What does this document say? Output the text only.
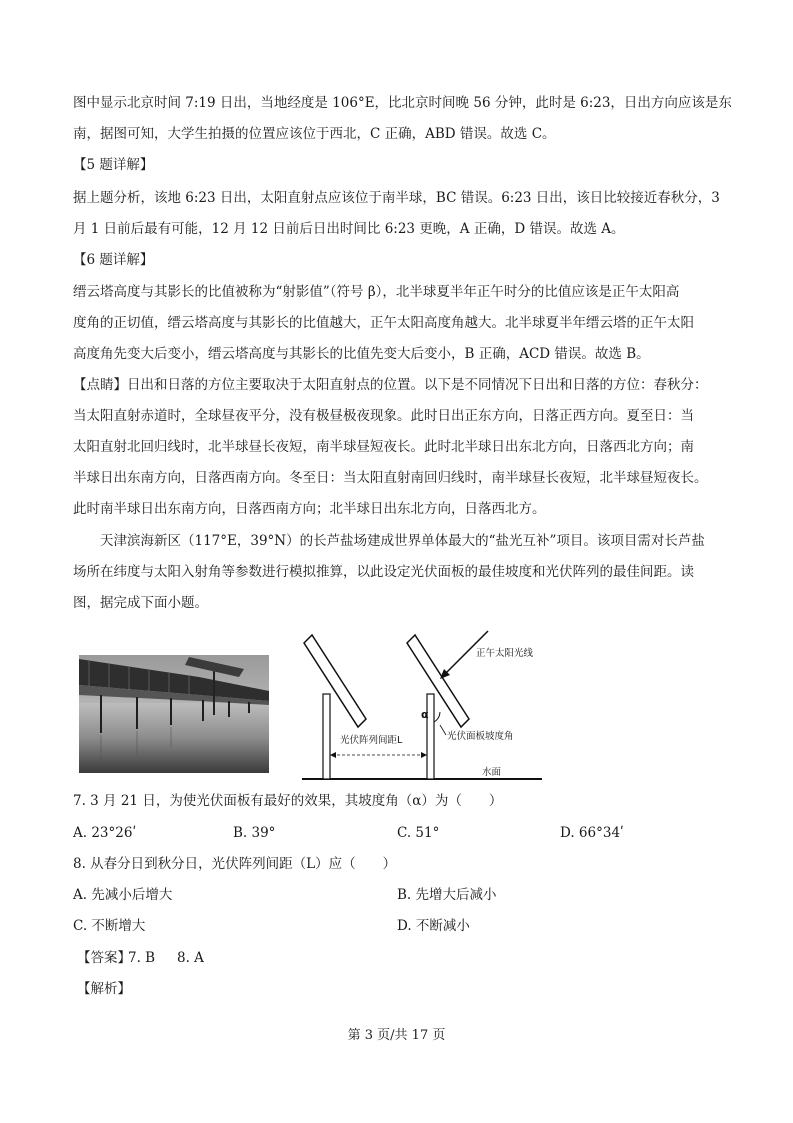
图中显示北京时间 7:19 日出，当地经度是 106°E，比北京时间晚 56 分钟，此时是 6:23，日出方向应该是东
南，据图可知，大学生拍摄的位置应该位于西北，C 正确，ABD 错误。故选 C。
【5 题详解】
据上题分析，该地 6:23 日出，太阳直射点应该位于南半球，BC 错误。6:23 日出，该日比较接近春秋分，3
月 1 日前后最有可能，12 月 12 日前后日出时间比 6:23 更晚，A 正确，D 错误。故选 A。
【6 题详解】
缙云塔高度与其影长的比值被称为“射影值”（符号 β），北半球夏半年正午时分的比值应该是正午太阳高
度角的正切值，缙云塔高度与其影长的比值越大，正午太阳高度角越大。北半球夏半年缙云塔的正午太阳
高度角先变大后变小，缙云塔高度与其影长的比值先变大后变小，B 正确，ACD 错误。故选 B。
【点睛】日出和日落的方位主要取决于太阳直射点的位置。以下是不同情况下日出和日落的方位：春秋分：
当太阳直射赤道时，全球昼夜平分，没有极昼极夜现象。此时日出正东方向，日落正西方向。夏至日：当
太阳直射北回归线时，北半球昼长夜短，南半球昼短夜长。此时北半球日出东北方向，日落西北方向；南
半球日出东南方向，日落西南方向。冬至日：当太阳直射南回归线时，南半球昼长夜短，北半球昼短夜长。
此时南半球日出东南方向，日落西南方向；北半球日出东北方向，日落西北方。
天津滨海新区（117°E，39°N）的长芦盐场建成世界单体最大的“盐光互补”项目。该项目需对长芦盐
场所在纬度与太阳入射角等参数进行模拟推算，以此设定光伏面板的最佳坡度和光伏阵列的最佳间距。读
图，据完成下面小题。
正午太阳光线
光伏阵列间距L
α
光伏面板坡度角
水面
7. 3 月 21 日，为使光伏面板有最好的效果，其坡度角（α）为（　　）
A. 23°26ʹ	B. 39°	C. 51°	D. 66°34ʹ
8. 从春分日到秋分日，光伏阵列间距（L）应（　　）
A. 先减小后增大	B. 先增大后减小
C. 不断增大	D. 不断减小
【答案】
7. B 8. A
【解析】
第 3 页/共 17 页
